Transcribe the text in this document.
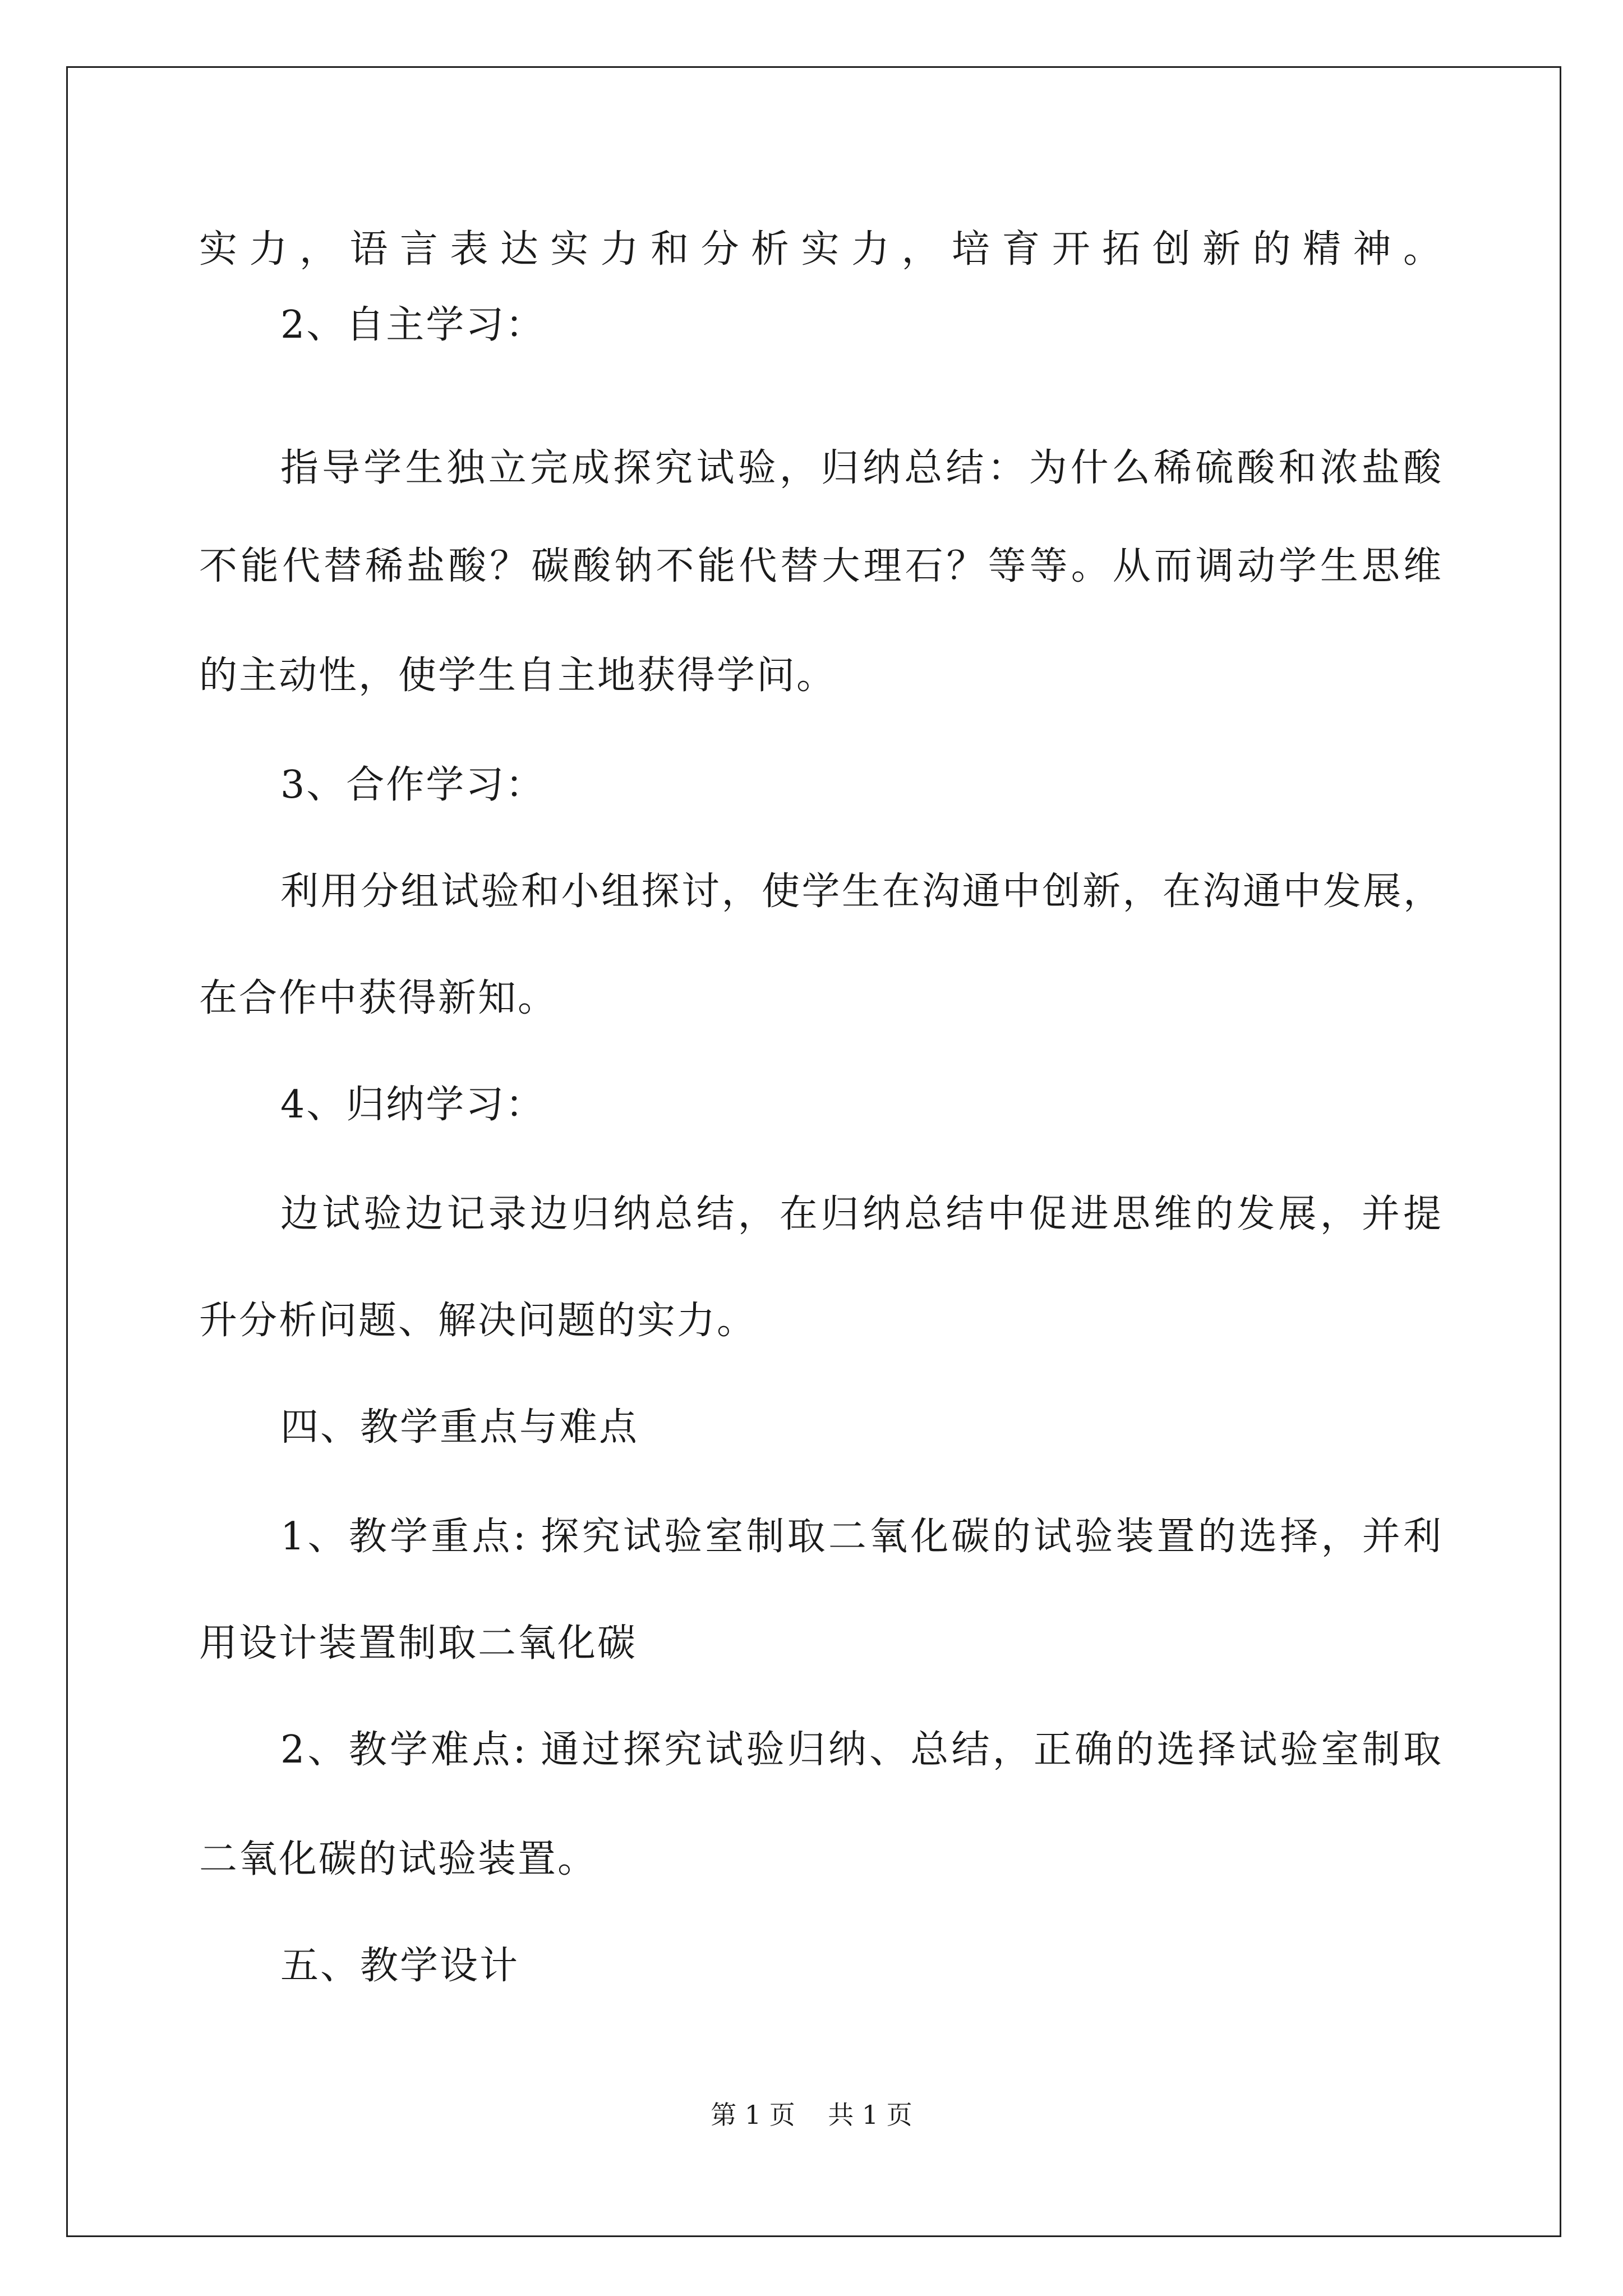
实力，语言表达实力和分析实力，培育开拓创新的精神。
2、自主学习：
指导学生独立完成探究试验，归纳总结：为什么稀硫酸和浓盐酸
不能代替稀盐酸？碳酸钠不能代替大理石？等等。从而调动学生思维
的主动性，使学生自主地获得学问。
3、合作学习：
利用分组试验和小组探讨，使学生在沟通中创新，在沟通中发展，
在合作中获得新知。
4、归纳学习：
边试验边记录边归纳总结，在归纳总结中促进思维的发展，并提
升分析问题、解决问题的实力。
四、教学重点与难点
1、教学重点: 探究试验室制取二氧化碳的试验装置的选择，并利
用设计装置制取二氧化碳
2、教学难点: 通过探究试验归纳、总结，正确的选择试验室制取
二氧化碳的试验装置。
五、教学设计
第 1 页    共 1 页
